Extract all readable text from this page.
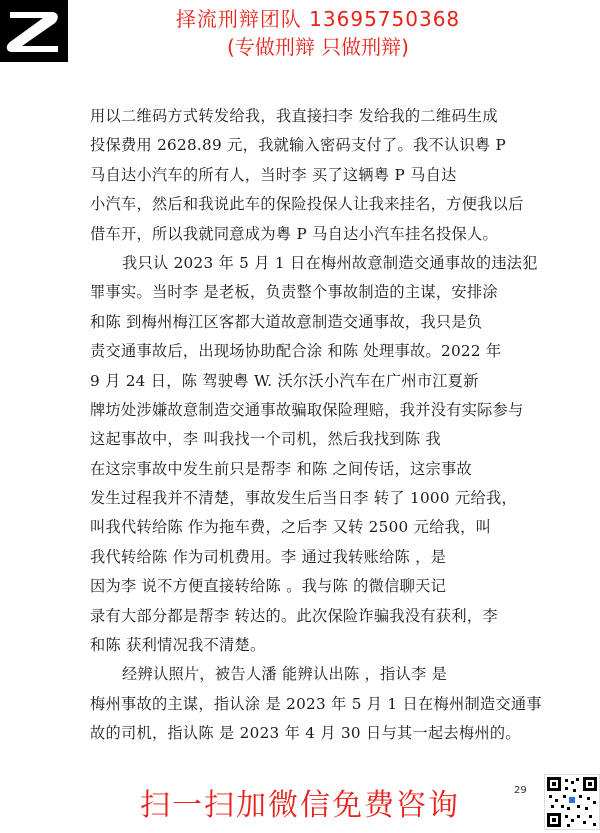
择流刑辩团队 13695750368
(专做刑辩 只做刑辩)
用以二维码方式转发给我，我直接扫李 发给我的二维码生成
投保费用 2628.89 元，我就输入密码支付了。我不认识粤 P
马自达小汽车的所有人，当时李 买了这辆粤 P 马自达
小汽车，然后和我说此车的保险投保人让我来挂名，方便我以后
借车开，所以我就同意成为粤 P 马自达小汽车挂名投保人。
我只认 2023 年 5 月 1 日在梅州故意制造交通事故的违法犯
罪事实。当时李 是老板，负责整个事故制造的主谋，安排涂
和陈 到梅州梅江区客都大道故意制造交通事故，我只是负
责交通事故后，出现场协助配合涂 和陈 处理事故。2022 年
9 月 24 日，陈 驾驶粤 W. 沃尔沃小汽车在广州市江夏新
牌坊处涉嫌故意制造交通事故骗取保险理赔，我并没有实际参与
这起事故中，李 叫我找一个司机，然后我找到陈 我
在这宗事故中发生前只是帮李 和陈 之间传话，这宗事故
发生过程我并不清楚，事故发生后当日李 转了 1000 元给我，
叫我代转给陈 作为拖车费，之后李 又转 2500 元给我，叫
我代转给陈 作为司机费用。李 通过我转账给陈 ，是
因为李 说不方便直接转给陈 。我与陈 的微信聊天记
录有大部分都是帮李 转达的。此次保险诈骗我没有获利，李
和陈 获利情况我不清楚。
经辨认照片，被告人潘 能辨认出陈 ，指认李 是
梅州事故的主谋，指认涂 是 2023 年 5 月 1 日在梅州制造交通事
故的司机，指认陈 是 2023 年 4 月 30 日与其一起去梅州的。
29
扫一扫加微信免费咨询
